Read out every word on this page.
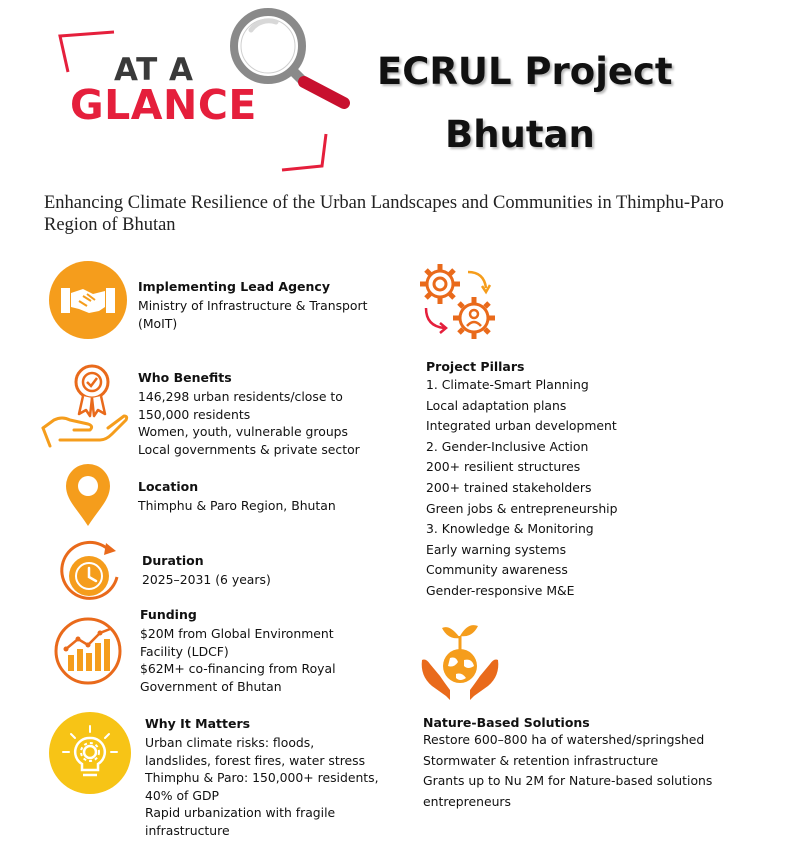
AT A
GLANCE
ECRUL Project
Bhutan
Enhancing Climate Resilience of the Urban Landscapes and Communities in Thimphu-Paro Region of Bhutan
Implementing Lead Agency
Ministry of Infrastructure & Transport
(MoIT)
Who Benefits
146,298 urban residents/close to
150,000 residents
Women, youth, vulnerable groups
Local governments & private sector
Location
Thimphu & Paro Region, Bhutan
Duration
2025–2031 (6 years)
Funding
$20M from Global Environment
Facility (LDCF)
$62M+ co-financing from Royal
Government of Bhutan
Why It Matters
Urban climate risks: floods,
landslides, forest fires, water stress
Thimphu & Paro: 150,000+ residents,
40% of GDP
Rapid urbanization with fragile
infrastructure
Project Pillars
1. Climate-Smart Planning
Local adaptation plans
Integrated urban development
2. Gender-Inclusive Action
200+ resilient structures
200+ trained stakeholders
Green jobs & entrepreneurship
3. Knowledge & Monitoring
Early warning systems
Community awareness
Gender-responsive M&E
Nature-Based Solutions
Restore 600–800 ha of watershed/springshed
Stormwater & retention infrastructure
Grants up to Nu 2M for Nature-based solutions
entrepreneurs
